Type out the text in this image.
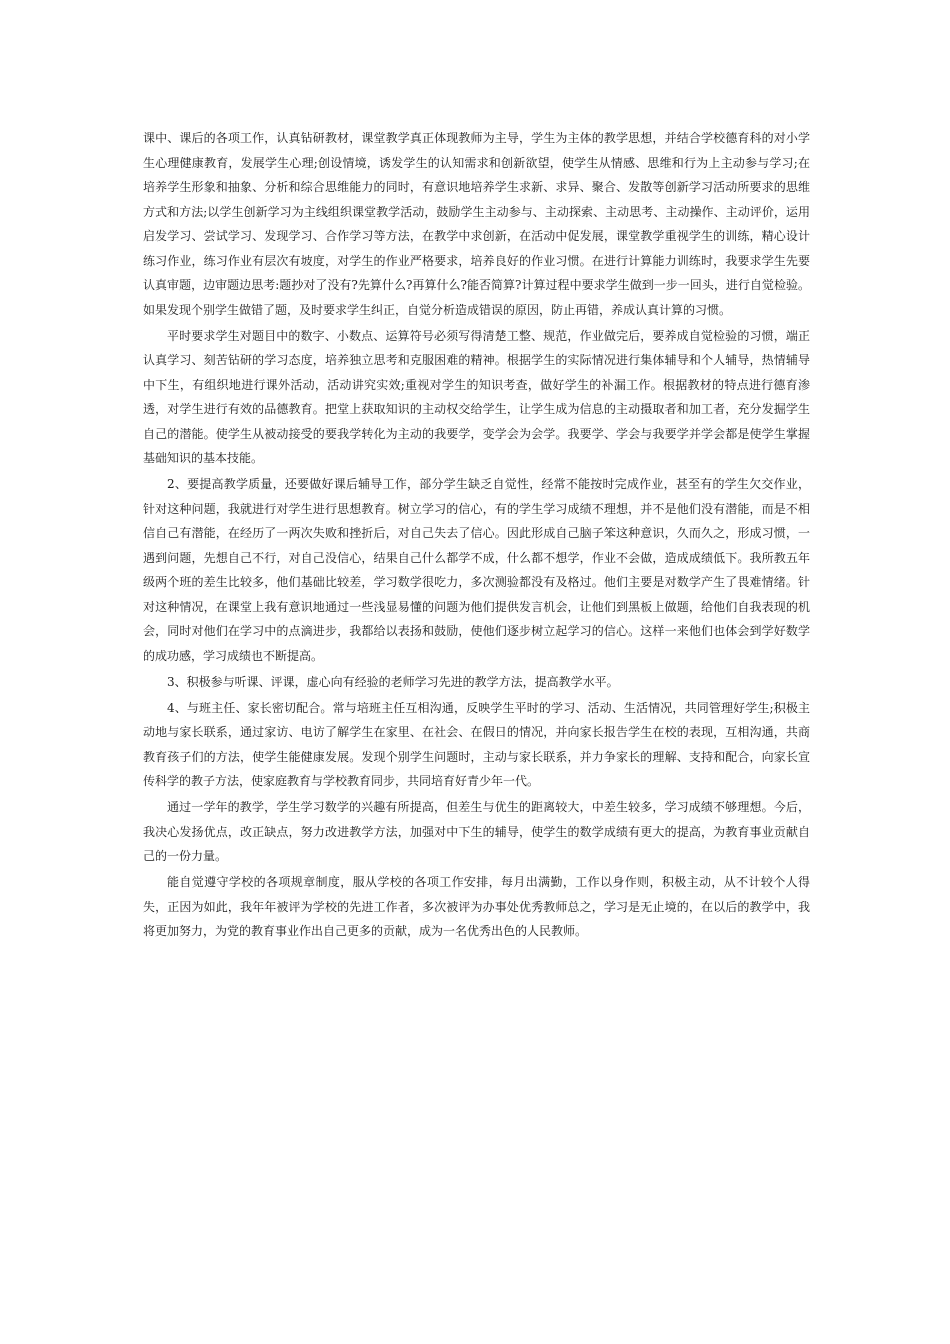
课中、课后的各项工作，认真钻研教材，课堂教学真正体现教师为主导，学生为主体的教学思想，并结合学校德育科的对小学生心理健康教育，发展学生心理;创设情境，诱发学生的认知需求和创新欲望，使学生从情感、思维和行为上主动参与学习;在培养学生形象和抽象、分析和综合思维能力的同时，有意识地培养学生求新、求异、聚合、发散等创新学习活动所要求的思维方式和方法;以学生创新学习为主线组织课堂教学活动，鼓励学生主动参与、主动探索、主动思考、主动操作、主动评价，运用启发学习、尝试学习、发现学习、合作学习等方法，在教学中求创新，在活动中促发展，课堂教学重视学生的训练，精心设计练习作业，练习作业有层次有坡度，对学生的作业严格要求，培养良好的作业习惯。在进行计算能力训练时，我要求学生先要认真审题，边审题边思考:题抄对了没有?先算什么?再算什么?能否简算?计算过程中要求学生做到一步一回头，进行自觉检验。如果发现个别学生做错了题，及时要求学生纠正，自觉分析造成错误的原因，防止再错，养成认真计算的习惯。

平时要求学生对题目中的数字、小数点、运算符号必须写得清楚工整、规范，作业做完后，要养成自觉检验的习惯，端正认真学习、刻苦钻研的学习态度，培养独立思考和克服困难的精神。根据学生的实际情况进行集体辅导和个人辅导，热情辅导中下生，有组织地进行课外活动，活动讲究实效;重视对学生的知识考查，做好学生的补漏工作。根据教材的特点进行德育渗透，对学生进行有效的品德教育。把堂上获取知识的主动权交给学生，让学生成为信息的主动摄取者和加工者，充分发掘学生自己的潜能。使学生从被动接受的要我学转化为主动的我要学，变学会为会学。我要学、学会与我要学并学会都是使学生掌握基础知识的基本技能。

2、要提高教学质量，还要做好课后辅导工作，部分学生缺乏自觉性，经常不能按时完成作业，甚至有的学生欠交作业，针对这种问题，我就进行对学生进行思想教育。树立学习的信心，有的学生学习成绩不理想，并不是他们没有潜能，而是不相信自己有潜能，在经历了一两次失败和挫折后，对自己失去了信心。因此形成自己脑子笨这种意识，久而久之，形成习惯，一遇到问题，先想自己不行，对自己没信心，结果自己什么都学不成，什么都不想学，作业不会做，造成成绩低下。我所教五年级两个班的差生比较多，他们基础比较差，学习数学很吃力，多次测验都没有及格过。他们主要是对数学产生了畏难情绪。针对这种情况，在课堂上我有意识地通过一些浅显易懂的问题为他们提供发言机会，让他们到黑板上做题，给他们自我表现的机会，同时对他们在学习中的点滴进步，我都给以表扬和鼓励，使他们逐步树立起学习的信心。这样一来他们也体会到学好数学的成功感，学习成绩也不断提高。

3、积极参与听课、评课，虚心向有经验的老师学习先进的教学方法，提高教学水平。

4、与班主任、家长密切配合。常与培班主任互相沟通，反映学生平时的学习、活动、生活情况，共同管理好学生;积极主动地与家长联系，通过家访、电访了解学生在家里、在社会、在假日的情况，并向家长报告学生在校的表现，互相沟通，共商教育孩子们的方法，使学生能健康发展。发现个别学生问题时，主动与家长联系，并力争家长的理解、支持和配合，向家长宣传科学的教子方法，使家庭教育与学校教育同步，共同培育好青少年一代。

通过一学年的教学，学生学习数学的兴趣有所提高，但差生与优生的距离较大，中差生较多，学习成绩不够理想。今后，我决心发扬优点，改正缺点，努力改进教学方法，加强对中下生的辅导，使学生的数学成绩有更大的提高，为教育事业贡献自己的一份力量。

能自觉遵守学校的各项规章制度，服从学校的各项工作安排，每月出满勤，工作以身作则，积极主动，从不计较个人得失，正因为如此，我年年被评为学校的先进工作者，多次被评为办事处优秀教师总之，学习是无止境的，在以后的教学中，我将更加努力，为党的教育事业作出自己更多的贡献，成为一名优秀出色的人民教师。
